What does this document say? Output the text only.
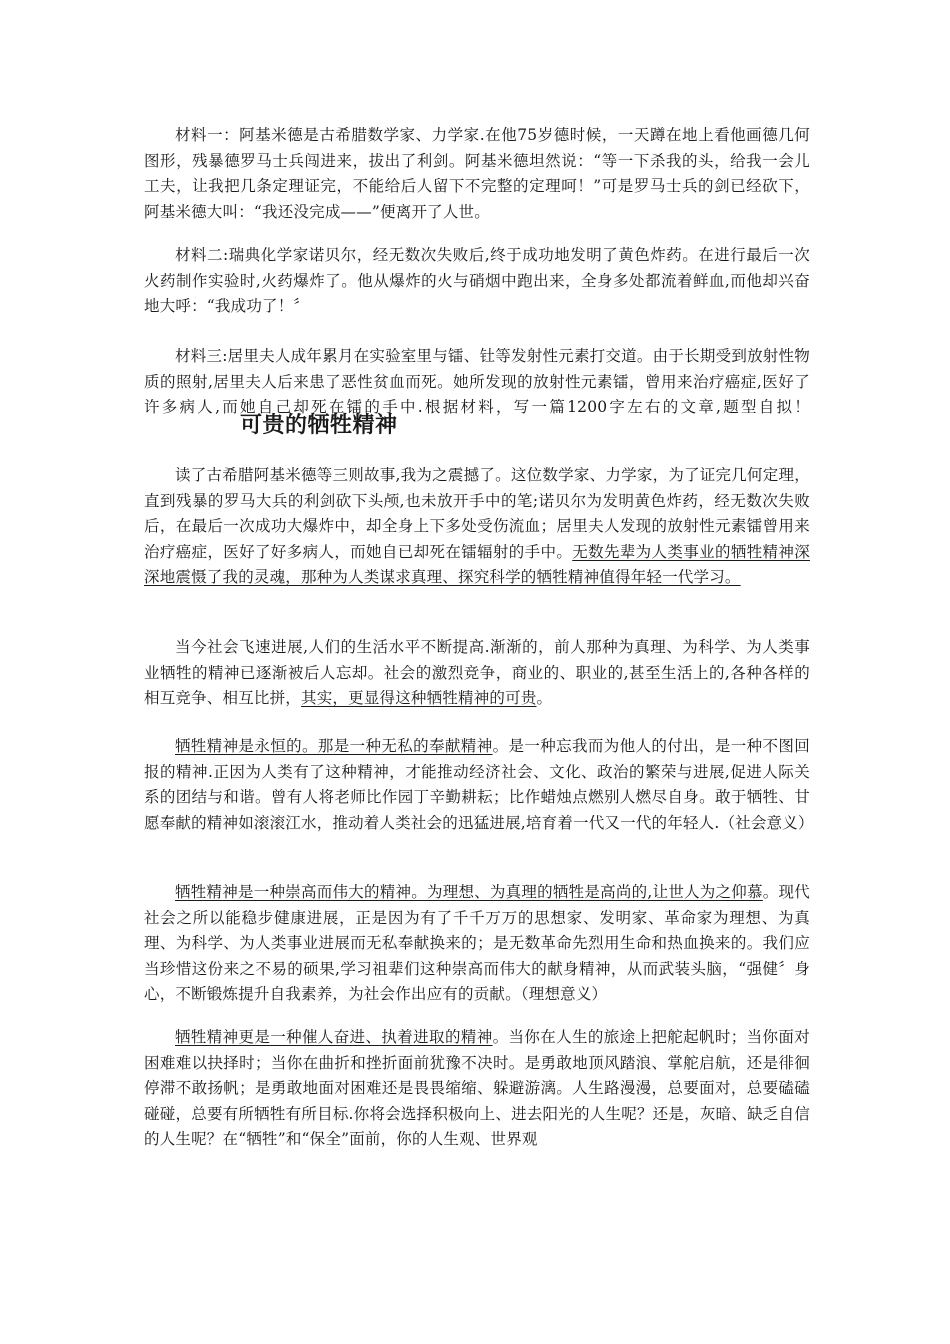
材料一：阿基米德是古希腊数学家、力学家.在他75岁德时候，一天蹲在地上看他画德几何图形，残暴德罗马士兵闯进来，拔出了利剑。阿基米德坦然说：“等一下杀我的头，给我一会儿工夫，让我把几条定理证完，不能给后人留下不完整的定理呵！”可是罗马士兵的剑已经砍下，阿基米德大叫：“我还没完成——”便离开了人世。

材料二:瑞典化学家诺贝尔，经无数次失败后,终于成功地发明了黄色炸药。在进行最后一次火药制作实验时,火药爆炸了。他从爆炸的火与硝烟中跑出来，全身多处都流着鲜血,而他却兴奋地大呼：“我成功了！〞

材料三:居里夫人成年累月在实验室里与镭、钍等发射性元素打交道。由于长期受到放射性物质的照射,居里夫人后来患了恶性贫血而死。她所发现的放射性元素镭，曾用来治疗癌症,医好了许多病人,而她自己却死在镭的手中.根据材料，写一篇1200字左右的文章,题型自拟！可贵的牺牲精神

读了古希腊阿基米德等三则故事,我为之震撼了。这位数学家、力学家，为了证完几何定理，直到残暴的罗马大兵的利剑砍下头颅,也未放开手中的笔;诺贝尔为发明黄色炸药，经无数次失败后，在最后一次成功大爆炸中，却全身上下多处受伤流血；居里夫人发现的放射性元素镭曾用来治疗癌症，医好了好多病人，而她自已却死在镭辐射的手中。无数先辈为人类事业的牺牲精神深深地震慑了我的灵魂，那种为人类谋求真理、探究科学的牺牲精神值得年轻一代学习。

当今社会飞速进展,人们的生活水平不断提高.渐渐的，前人那种为真理、为科学、为人类事业牺牲的精神已逐渐被后人忘却。社会的激烈竞争，商业的、职业的,甚至生活上的,各种各样的相互竞争、相互比拼，其实，更显得这种牺牲精神的可贵。

牺牲精神是永恒的。那是一种无私的奉献精神。是一种忘我而为他人的付出，是一种不图回报的精神.正因为人类有了这种精神，才能推动经济社会、文化、政治的繁荣与进展,促进人际关系的团结与和谐。曾有人将老师比作园丁辛勤耕耘；比作蜡烛点燃别人燃尽自身。敢于牺牲、甘愿奉献的精神如滚滚江水，推动着人类社会的迅猛进展,培育着一代又一代的年轻人.（社会意义）

牺牲精神是一种崇高而伟大的精神。为理想、为真理的牺牲是高尚的,让世人为之仰慕。现代社会之所以能稳步健康进展，正是因为有了千千万万的思想家、发明家、革命家为理想、为真理、为科学、为人类事业进展而无私奉献换来的；是无数革命先烈用生命和热血换来的。我们应当珍惜这份来之不易的硕果,学习祖辈们这种崇高而伟大的献身精神，从而武装头脑，“强健〞身心，不断锻炼提升自我素养，为社会作出应有的贡献。（理想意义）

牺牲精神更是一种催人奋进、执着进取的精神。当你在人生的旅途上把舵起帆时；当你面对困难难以抉择时；当你在曲折和挫折面前犹豫不决时。是勇敢地顶风踏浪、掌舵启航，还是徘徊停滞不敢扬帆；是勇敢地面对困难还是畏畏缩缩、躲避游漓。人生路漫漫，总要面对，总要磕磕碰碰，总要有所牺牲有所目标.你将会选择积极向上、进去阳光的人生呢？还是，灰暗、缺乏自信的人生呢？在“牺牲”和“保全”面前，你的人生观、世界观
